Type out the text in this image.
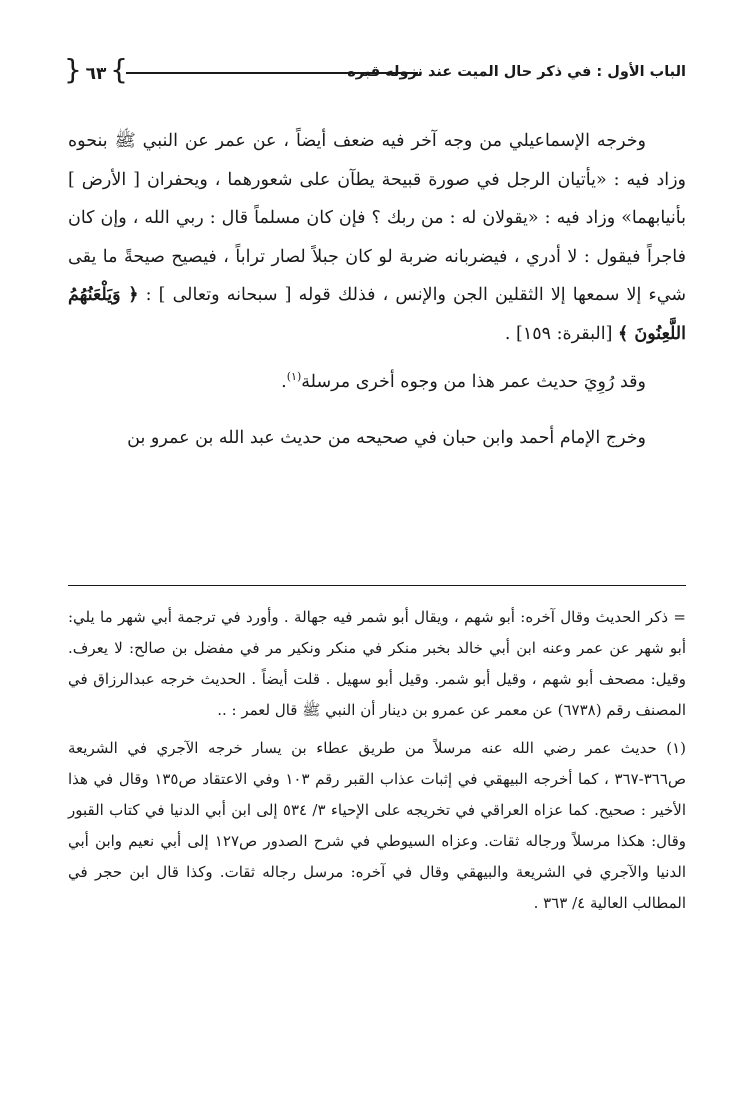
{ ٦٣ }	الباب الأول : في ذكر حال الميت عند نزوله قبره

وخرجه الإسماعيلي من وجه آخر فيه ضعف أيضاً ، عن عمر عن النبي ﷺ بنحوه وزاد فيه : «يأتيان الرجل في صورة قبيحة يطآن على شعورهما ، ويحفران [ الأرض ] بأنيابهما» وزاد فيه : «يقولان له : من ربك ؟ فإن كان مسلماً قال : ربي الله ، وإن كان فاجراً فيقول : لا أدري ، فيضربانه ضربة لو كان جبلاً لصار تراباً ، فيصيح صيحةً ما يقى شيء إلا سمعها إلا الثقلين الجن والإنس ، فذلك قوله [ سبحانه وتعالى ] : ﴿ وَيَلْعَنُهُمُ اللَّعِنُونَ ﴾ [البقرة: ١٥٩] .

وقد رُوِيَ حديث عمر هذا من وجوه أخرى مرسلة$^{(١)}$.

وخرج الإمام أحمد وابن حبان في صحيحه من حديث عبد الله بن عمرو بن

= ذكر الحديث وقال آخره: أبو شهم ، ويقال أبو شمر فيه جهالة . وأورد في ترجمة أبي شهر ما يلي: أبو شهر عن عمر وعنه ابن أبي خالد بخبر منكر في منكر ونكير مر في مفضل بن صالح: لا يعرف. وقيل: مصحف أبو شهم ، وقيل أبو شمر. وقيل أبو سهيل . قلت أيضاً . الحديث خرجه عبدالرزاق في المصنف رقم (٦٧٣٨) عن معمر عن عمرو بن دينار أن النبي ﷺ قال لعمر : ..

(١) حديث عمر رضي الله عنه مرسلاً من طريق عطاء بن يسار خرجه الآجري في الشريعة ص٣٦٦-٣٦٧ ، كما أخرجه البيهقي في إثبات عذاب القبر رقم ١٠٣ وفي الاعتقاد ص١٣٥ وقال في هذا الأخير : صحيح. كما عزاه العراقي في تخريجه على الإحياء ٣/ ٥٣٤ إلى ابن أبي الدنيا في كتاب القبور وقال: هكذا مرسلاً ورجاله ثقات. وعزاه السيوطي في شرح الصدور ص١٢٧ إلى أبي نعيم وابن أبي الدنيا والآجري في الشريعة والبيهقي وقال في آخره: مرسل رجاله ثقات. وكذا قال ابن حجر في المطالب العالية ٤/ ٣٦٣ .
